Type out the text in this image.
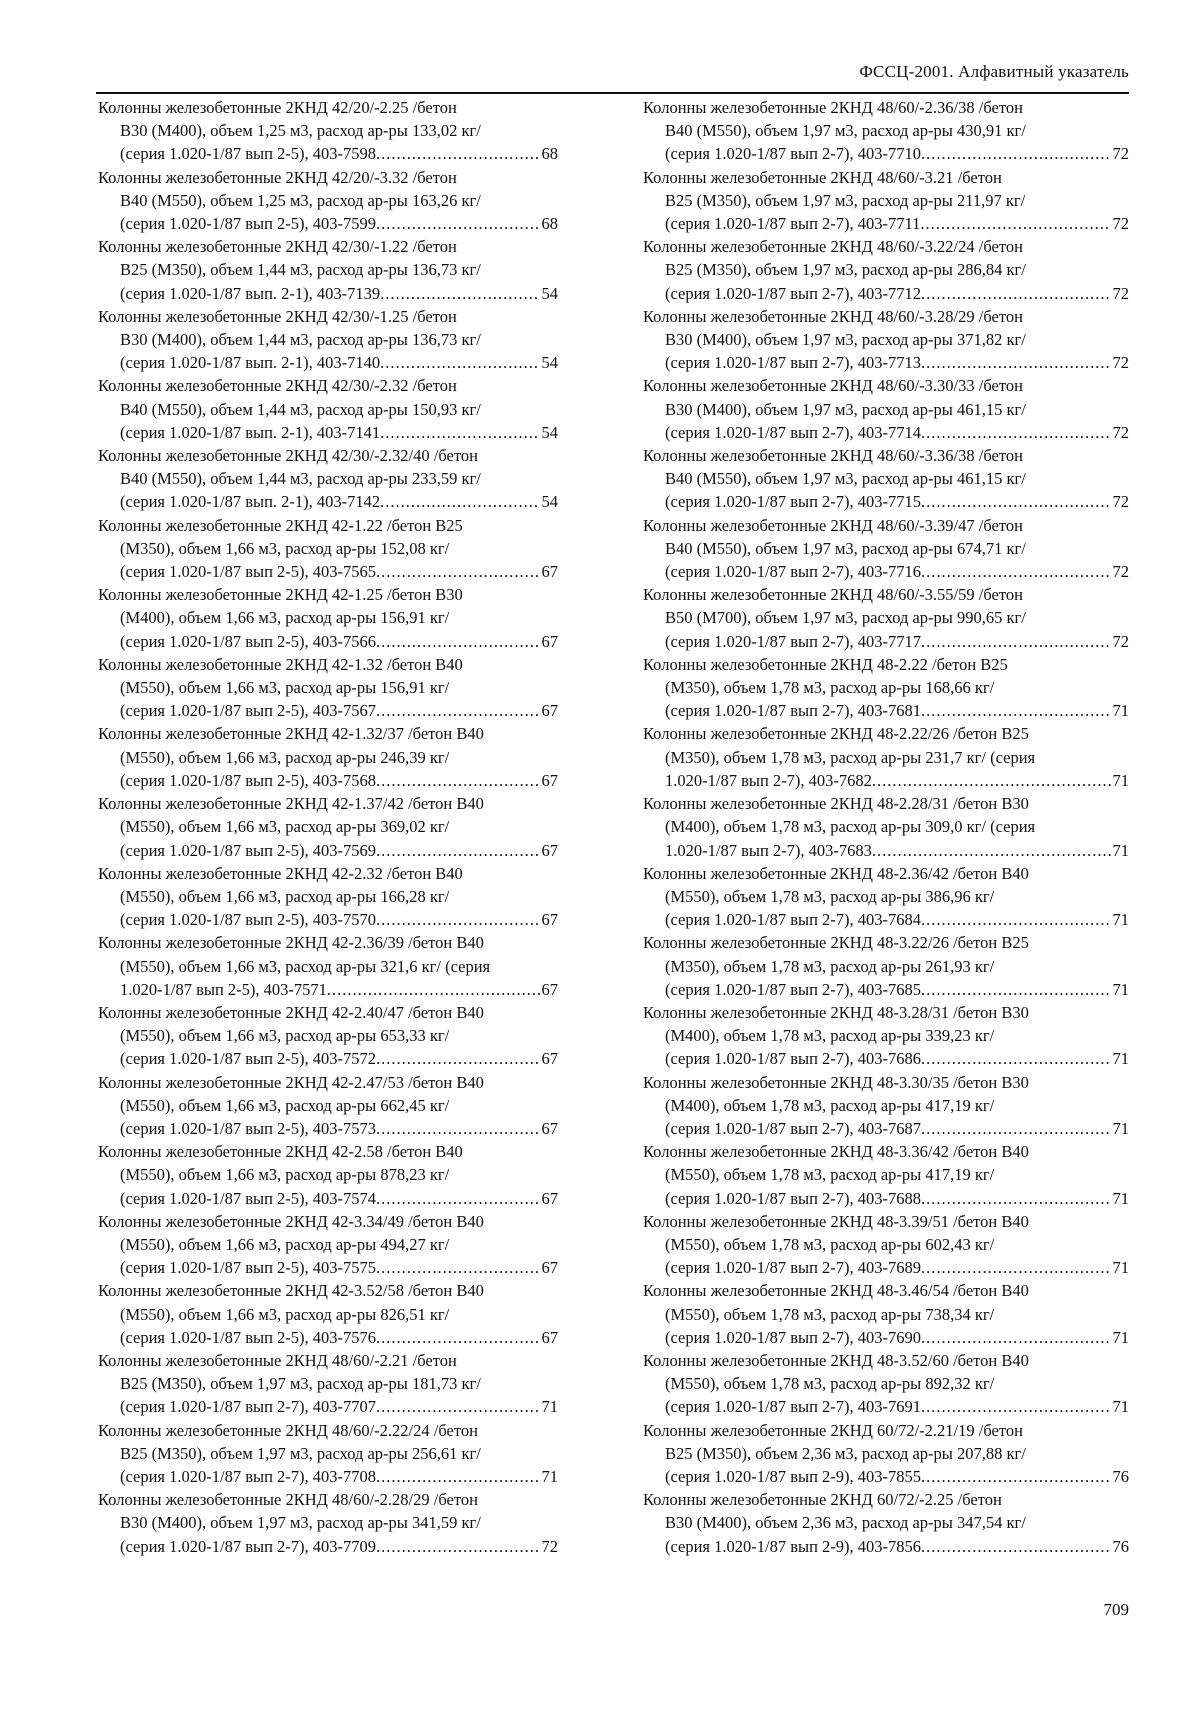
ФССЦ-2001. Алфавитный указатель
Колонны железобетонные 2КНД 42/20/-2.25 /бетон
В30 (М400), объем 1,25 м3, расход ар-ры 133,02 кг/
(серия 1.020-1/87 вып 2-5), 403-7598 .....	68
Колонны железобетонные 2КНД 42/20/-3.32 /бетон
В40 (М550), объем 1,25 м3, расход ар-ры 163,26 кг/
(серия 1.020-1/87 вып 2-5), 403-7599 .....	68
Колонны железобетонные 2КНД 42/30/-1.22 /бетон
В25 (М350), объем 1,44 м3, расход ар-ры 136,73 кг/
(серия 1.020-1/87 вып. 2-1), 403-7139 .....	54
Колонны железобетонные 2КНД 42/30/-1.25 /бетон
В30 (М400), объем 1,44 м3, расход ар-ры 136,73 кг/
(серия 1.020-1/87 вып. 2-1), 403-7140 .....	54
Колонны железобетонные 2КНД 42/30/-2.32 /бетон
В40 (М550), объем 1,44 м3, расход ар-ры 150,93 кг/
(серия 1.020-1/87 вып. 2-1), 403-7141 .....	54
Колонны железобетонные 2КНД 42/30/-2.32/40 /бетон
В40 (М550), объем 1,44 м3, расход ар-ры 233,59 кг/
(серия 1.020-1/87 вып. 2-1), 403-7142 .....	54
Колонны железобетонные 2КНД 42-1.22 /бетон В25
(М350), объем 1,66 м3, расход ар-ры 152,08 кг/
(серия 1.020-1/87 вып 2-5), 403-7565 .....	67
Колонны железобетонные 2КНД 42-1.25 /бетон В30
(М400), объем 1,66 м3, расход ар-ры 156,91 кг/
(серия 1.020-1/87 вып 2-5), 403-7566 .....	67
Колонны железобетонные 2КНД 42-1.32 /бетон В40
(М550), объем 1,66 м3, расход ар-ры 156,91 кг/
(серия 1.020-1/87 вып 2-5), 403-7567 .....	67
Колонны железобетонные 2КНД 42-1.32/37 /бетон В40
(М550), объем 1,66 м3, расход ар-ры 246,39 кг/
(серия 1.020-1/87 вып 2-5), 403-7568 .....	67
Колонны железобетонные 2КНД 42-1.37/42 /бетон В40
(М550), объем 1,66 м3, расход ар-ры 369,02 кг/
(серия 1.020-1/87 вып 2-5), 403-7569 .....	67
Колонны железобетонные 2КНД 42-2.32 /бетон В40
(М550), объем 1,66 м3, расход ар-ры 166,28 кг/
(серия 1.020-1/87 вып 2-5), 403-7570 .....	67
Колонны железобетонные 2КНД 42-2.36/39 /бетон В40
(М550), объем 1,66 м3, расход ар-ры 321,6 кг/ (серия
1.020-1/87 вып 2-5), 403-7571 .....	67
Колонны железобетонные 2КНД 42-2.40/47 /бетон В40
(М550), объем 1,66 м3, расход ар-ры 653,33 кг/
(серия 1.020-1/87 вып 2-5), 403-7572 .....	67
Колонны железобетонные 2КНД 42-2.47/53 /бетон В40
(М550), объем 1,66 м3, расход ар-ры 662,45 кг/
(серия 1.020-1/87 вып 2-5), 403-7573 .....	67
Колонны железобетонные 2КНД 42-2.58 /бетон В40
(М550), объем 1,66 м3, расход ар-ры 878,23 кг/
(серия 1.020-1/87 вып 2-5), 403-7574 .....	67
Колонны железобетонные 2КНД 42-3.34/49 /бетон В40
(М550), объем 1,66 м3, расход ар-ры 494,27 кг/
(серия 1.020-1/87 вып 2-5), 403-7575 .....	67
Колонны железобетонные 2КНД 42-3.52/58 /бетон В40
(М550), объем 1,66 м3, расход ар-ры 826,51 кг/
(серия 1.020-1/87 вып 2-5), 403-7576 .....	67
Колонны железобетонные 2КНД 48/60/-2.21 /бетон
В25 (М350), объем 1,97 м3, расход ар-ры 181,73 кг/
(серия 1.020-1/87 вып 2-7), 403-7707 .....	71
Колонны железобетонные 2КНД 48/60/-2.22/24 /бетон
В25 (М350), объем 1,97 м3, расход ар-ры 256,61 кг/
(серия 1.020-1/87 вып 2-7), 403-7708 .....	71
Колонны железобетонные 2КНД 48/60/-2.28/29 /бетон
В30 (М400), объем 1,97 м3, расход ар-ры 341,59 кг/
(серия 1.020-1/87 вып 2-7), 403-7709 .....	72
Колонны железобетонные 2КНД 48/60/-2.36/38 /бетон
В40 (М550), объем 1,97 м3, расход ар-ры 430,91 кг/
(серия 1.020-1/87 вып 2-7), 403-7710 .....	72
Колонны железобетонные 2КНД 48/60/-3.21 /бетон
В25 (М350), объем 1,97 м3, расход ар-ры 211,97 кг/
(серия 1.020-1/87 вып 2-7), 403-7711 .....	72
Колонны железобетонные 2КНД 48/60/-3.22/24 /бетон
В25 (М350), объем 1,97 м3, расход ар-ры 286,84 кг/
(серия 1.020-1/87 вып 2-7), 403-7712 .....	72
Колонны железобетонные 2КНД 48/60/-3.28/29 /бетон
В30 (М400), объем 1,97 м3, расход ар-ры 371,82 кг/
(серия 1.020-1/87 вып 2-7), 403-7713 .....	72
Колонны железобетонные 2КНД 48/60/-3.30/33 /бетон
В30 (М400), объем 1,97 м3, расход ар-ры 461,15 кг/
(серия 1.020-1/87 вып 2-7), 403-7714 .....	72
Колонны железобетонные 2КНД 48/60/-3.36/38 /бетон
В40 (М550), объем 1,97 м3, расход ар-ры 461,15 кг/
(серия 1.020-1/87 вып 2-7), 403-7715 .....	72
Колонны железобетонные 2КНД 48/60/-3.39/47 /бетон
В40 (М550), объем 1,97 м3, расход ар-ры 674,71 кг/
(серия 1.020-1/87 вып 2-7), 403-7716 .....	72
Колонны железобетонные 2КНД 48/60/-3.55/59 /бетон
В50 (М700), объем 1,97 м3, расход ар-ры 990,65 кг/
(серия 1.020-1/87 вып 2-7), 403-7717 .....	72
Колонны железобетонные 2КНД 48-2.22 /бетон В25
(М350), объем 1,78 м3, расход ар-ры 168,66 кг/
(серия 1.020-1/87 вып 2-7), 403-7681 .....	71
Колонны железобетонные 2КНД 48-2.22/26 /бетон В25
(М350), объем 1,78 м3, расход ар-ры 231,7 кг/ (серия
1.020-1/87 вып 2-7), 403-7682 .....	71
Колонны железобетонные 2КНД 48-2.28/31 /бетон В30
(М400), объем 1,78 м3, расход ар-ры 309,0 кг/ (серия
1.020-1/87 вып 2-7), 403-7683 .....	71
Колонны железобетонные 2КНД 48-2.36/42 /бетон В40
(М550), объем 1,78 м3, расход ар-ры 386,96 кг/
(серия 1.020-1/87 вып 2-7), 403-7684 .....	71
Колонны железобетонные 2КНД 48-3.22/26 /бетон В25
(М350), объем 1,78 м3, расход ар-ры 261,93 кг/
(серия 1.020-1/87 вып 2-7), 403-7685 .....	71
Колонны железобетонные 2КНД 48-3.28/31 /бетон В30
(М400), объем 1,78 м3, расход ар-ры 339,23 кг/
(серия 1.020-1/87 вып 2-7), 403-7686 .....	71
Колонны железобетонные 2КНД 48-3.30/35 /бетон В30
(М400), объем 1,78 м3, расход ар-ры 417,19 кг/
(серия 1.020-1/87 вып 2-7), 403-7687 .....	71
Колонны железобетонные 2КНД 48-3.36/42 /бетон В40
(М550), объем 1,78 м3, расход ар-ры 417,19 кг/
(серия 1.020-1/87 вып 2-7), 403-7688 .....	71
Колонны железобетонные 2КНД 48-3.39/51 /бетон В40
(М550), объем 1,78 м3, расход ар-ры 602,43 кг/
(серия 1.020-1/87 вып 2-7), 403-7689 .....	71
Колонны железобетонные 2КНД 48-3.46/54 /бетон В40
(М550), объем 1,78 м3, расход ар-ры 738,34 кг/
(серия 1.020-1/87 вып 2-7), 403-7690 .....	71
Колонны железобетонные 2КНД 48-3.52/60 /бетон В40
(М550), объем 1,78 м3, расход ар-ры 892,32 кг/
(серия 1.020-1/87 вып 2-7), 403-7691 .....	71
Колонны железобетонные 2КНД 60/72/-2.21/19 /бетон
В25 (М350), объем 2,36 м3, расход ар-ры 207,88 кг/
(серия 1.020-1/87 вып 2-9), 403-7855 .....	76
Колонны железобетонные 2КНД 60/72/-2.25 /бетон
В30 (М400), объем 2,36 м3, расход ар-ры 347,54 кг/
(серия 1.020-1/87 вып 2-9), 403-7856 .....	76
709
